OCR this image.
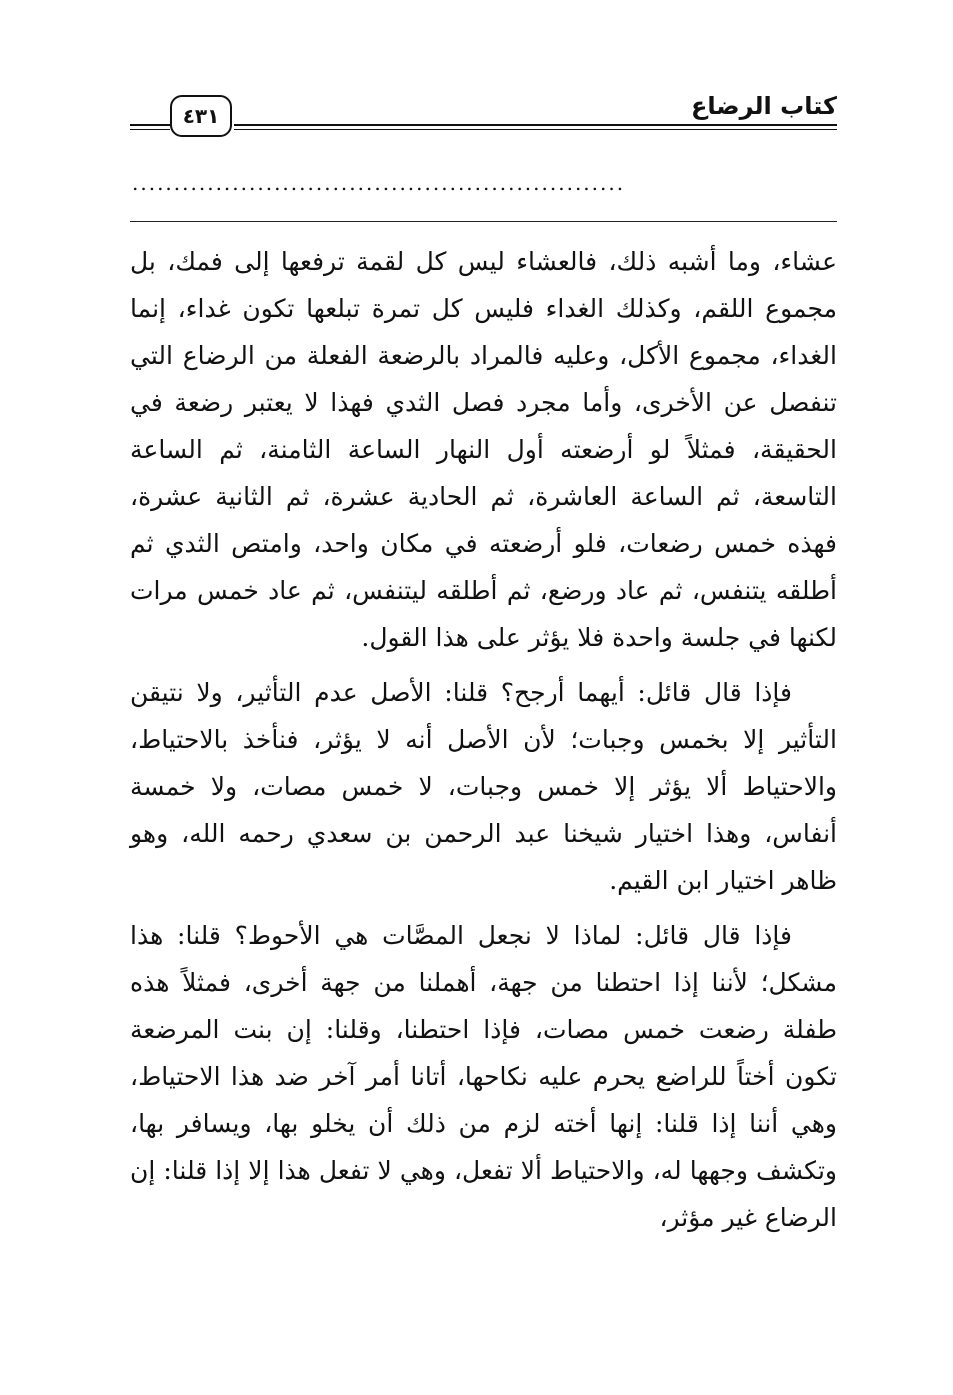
كتاب الرضاع
٤٣١
...........................................................

عشاء، وما أشبه ذلك، فالعشاء ليس كل لقمة ترفعها إلى فمك، بل مجموع اللقم، وكذلك الغداء فليس كل تمرة تبلعها تكون غداء، إنما الغداء، مجموع الأكل، وعليه فالمراد بالرضعة الفعلة من الرضاع التي تنفصل عن الأخرى، وأما مجرد فصل الثدي فهذا لا يعتبر رضعة في الحقيقة، فمثلاً لو أرضعته أول النهار الساعة الثامنة، ثم الساعة التاسعة، ثم الساعة العاشرة، ثم الحادية عشرة، ثم الثانية عشرة، فهذه خمس رضعات، فلو أرضعته في مكان واحد، وامتص الثدي ثم أطلقه يتنفس، ثم عاد ورضع، ثم أطلقه ليتنفس، ثم عاد خمس مرات لكنها في جلسة واحدة فلا يؤثر على هذا القول.

فإذا قال قائل: أيهما أرجح؟ قلنا: الأصل عدم التأثير، ولا نتيقن التأثير إلا بخمس وجبات؛ لأن الأصل أنه لا يؤثر، فنأخذ بالاحتياط، والاحتياط ألا يؤثر إلا خمس وجبات، لا خمس مصات، ولا خمسة أنفاس، وهذا اختيار شيخنا عبد الرحمن بن سعدي رحمه الله، وهو ظاهر اختيار ابن القيم.

فإذا قال قائل: لماذا لا نجعل المصَّات هي الأحوط؟ قلنا: هذا مشكل؛ لأننا إذا احتطنا من جهة، أهملنا من جهة أخرى، فمثلاً هذه طفلة رضعت خمس مصات، فإذا احتطنا، وقلنا: إن بنت المرضعة تكون أختاً للراضع يحرم عليه نكاحها، أتانا أمر آخر ضد هذا الاحتياط، وهي أننا إذا قلنا: إنها أخته لزم من ذلك أن يخلو بها، ويسافر بها، وتكشف وجهها له، والاحتياط ألا تفعل، وهي لا تفعل هذا إلا إذا قلنا: إن الرضاع غير مؤثر،
